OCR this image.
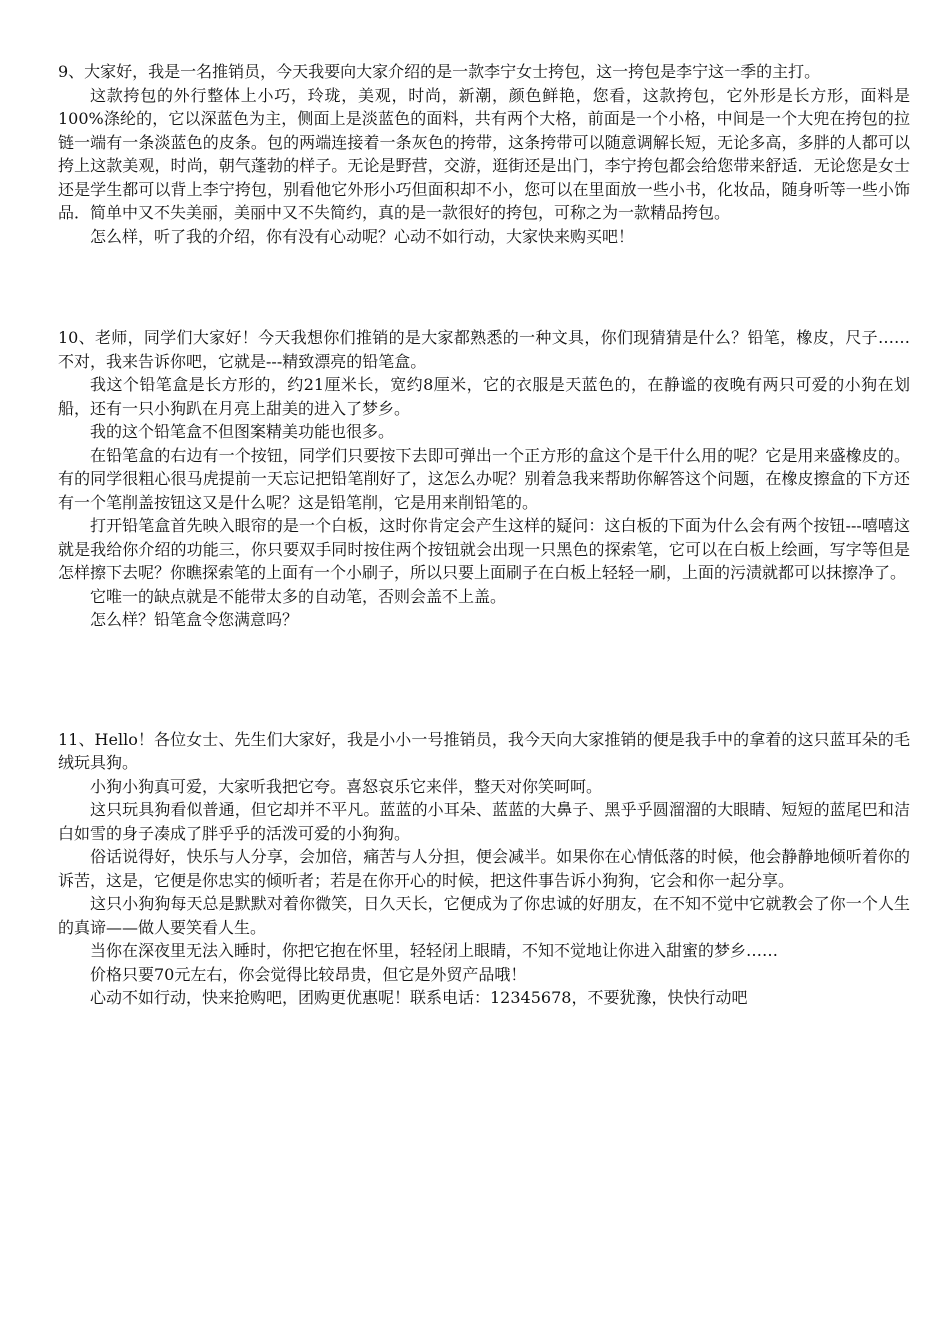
9、大家好，我是一名推销员，今天我要向大家介绍的是一款李宁女士挎包，这一挎包是李宁这一季的主打。

这款挎包的外行整体上小巧，玲珑，美观，时尚，新潮，颜色鲜艳，您看，这款挎包，它外形是长方形，面料是100%涤纶的，它以深蓝色为主，侧面上是淡蓝色的面料，共有两个大格，前面是一个小格，中间是一个大兜在挎包的拉链一端有一条淡蓝色的皮条。包的两端连接着一条灰色的挎带，这条挎带可以随意调解长短，无论多高，多胖的人都可以挎上这款美观，时尚，朝气蓬勃的样子。无论是野营，交游，逛街还是出门，李宁挎包都会给您带来舒适．无论您是女士还是学生都可以背上李宁挎包，别看他它外形小巧但面积却不小，您可以在里面放一些小书，化妆品，随身听等一些小饰品．简单中又不失美丽，美丽中又不失简约，真的是一款很好的挎包，可称之为一款精品挎包。

怎么样，听了我的介绍，你有没有心动呢？心动不如行动，大家快来购买吧！

10、老师，同学们大家好！今天我想你们推销的是大家都熟悉的一种文具，你们现猜猜是什么？铅笔，橡皮，尺子……不对，我来告诉你吧，它就是---精致漂亮的铅笔盒。

我这个铅笔盒是长方形的，约21厘米长，宽约8厘米，它的衣服是天蓝色的，在静谧的夜晚有两只可爱的小狗在划船，还有一只小狗趴在月亮上甜美的进入了梦乡。

我的这个铅笔盒不但图案精美功能也很多。

在铅笔盒的右边有一个按钮，同学们只要按下去即可弹出一个正方形的盒这个是干什么用的呢？它是用来盛橡皮的。有的同学很粗心很马虎提前一天忘记把铅笔削好了，这怎么办呢？别着急我来帮助你解答这个问题，在橡皮擦盒的下方还有一个笔削盖按钮这又是什么呢？这是铅笔削，它是用来削铅笔的。

打开铅笔盒首先映入眼帘的是一个白板，这时你肯定会产生这样的疑问：这白板的下面为什么会有两个按钮---嘻嘻这就是我给你介绍的功能三，你只要双手同时按住两个按钮就会出现一只黑色的探索笔，它可以在白板上绘画，写字等但是怎样擦下去呢？你瞧探索笔的上面有一个小刷子，所以只要上面刷子在白板上轻轻一刷，上面的污渍就都可以抹擦净了。

它唯一的缺点就是不能带太多的自动笔，否则会盖不上盖。

怎么样？铅笔盒令您满意吗？

11、Hello！各位女士、先生们大家好，我是小小一号推销员，我今天向大家推销的便是我手中的拿着的这只蓝耳朵的毛绒玩具狗。

小狗小狗真可爱，大家听我把它夸。喜怒哀乐它来伴，整天对你笑呵呵。

这只玩具狗看似普通，但它却并不平凡。蓝蓝的小耳朵、蓝蓝的大鼻子、黑乎乎圆溜溜的大眼睛、短短的蓝尾巴和洁白如雪的身子凑成了胖乎乎的活泼可爱的小狗狗。

俗话说得好，快乐与人分享，会加倍，痛苦与人分担，便会减半。如果你在心情低落的时候，他会静静地倾听着你的诉苦，这是，它便是你忠实的倾听者；若是在你开心的时候，把这件事告诉小狗狗，它会和你一起分享。

这只小狗狗每天总是默默对着你微笑，日久天长，它便成为了你忠诚的好朋友，在不知不觉中它就教会了你一个人生的真谛——做人要笑看人生。

当你在深夜里无法入睡时，你把它抱在怀里，轻轻闭上眼睛，不知不觉地让你进入甜蜜的梦乡……

价格只要70元左右，你会觉得比较昂贵，但它是外贸产品哦！

心动不如行动，快来抢购吧，团购更优惠呢！联系电话：12345678，不要犹豫，快快行动吧
